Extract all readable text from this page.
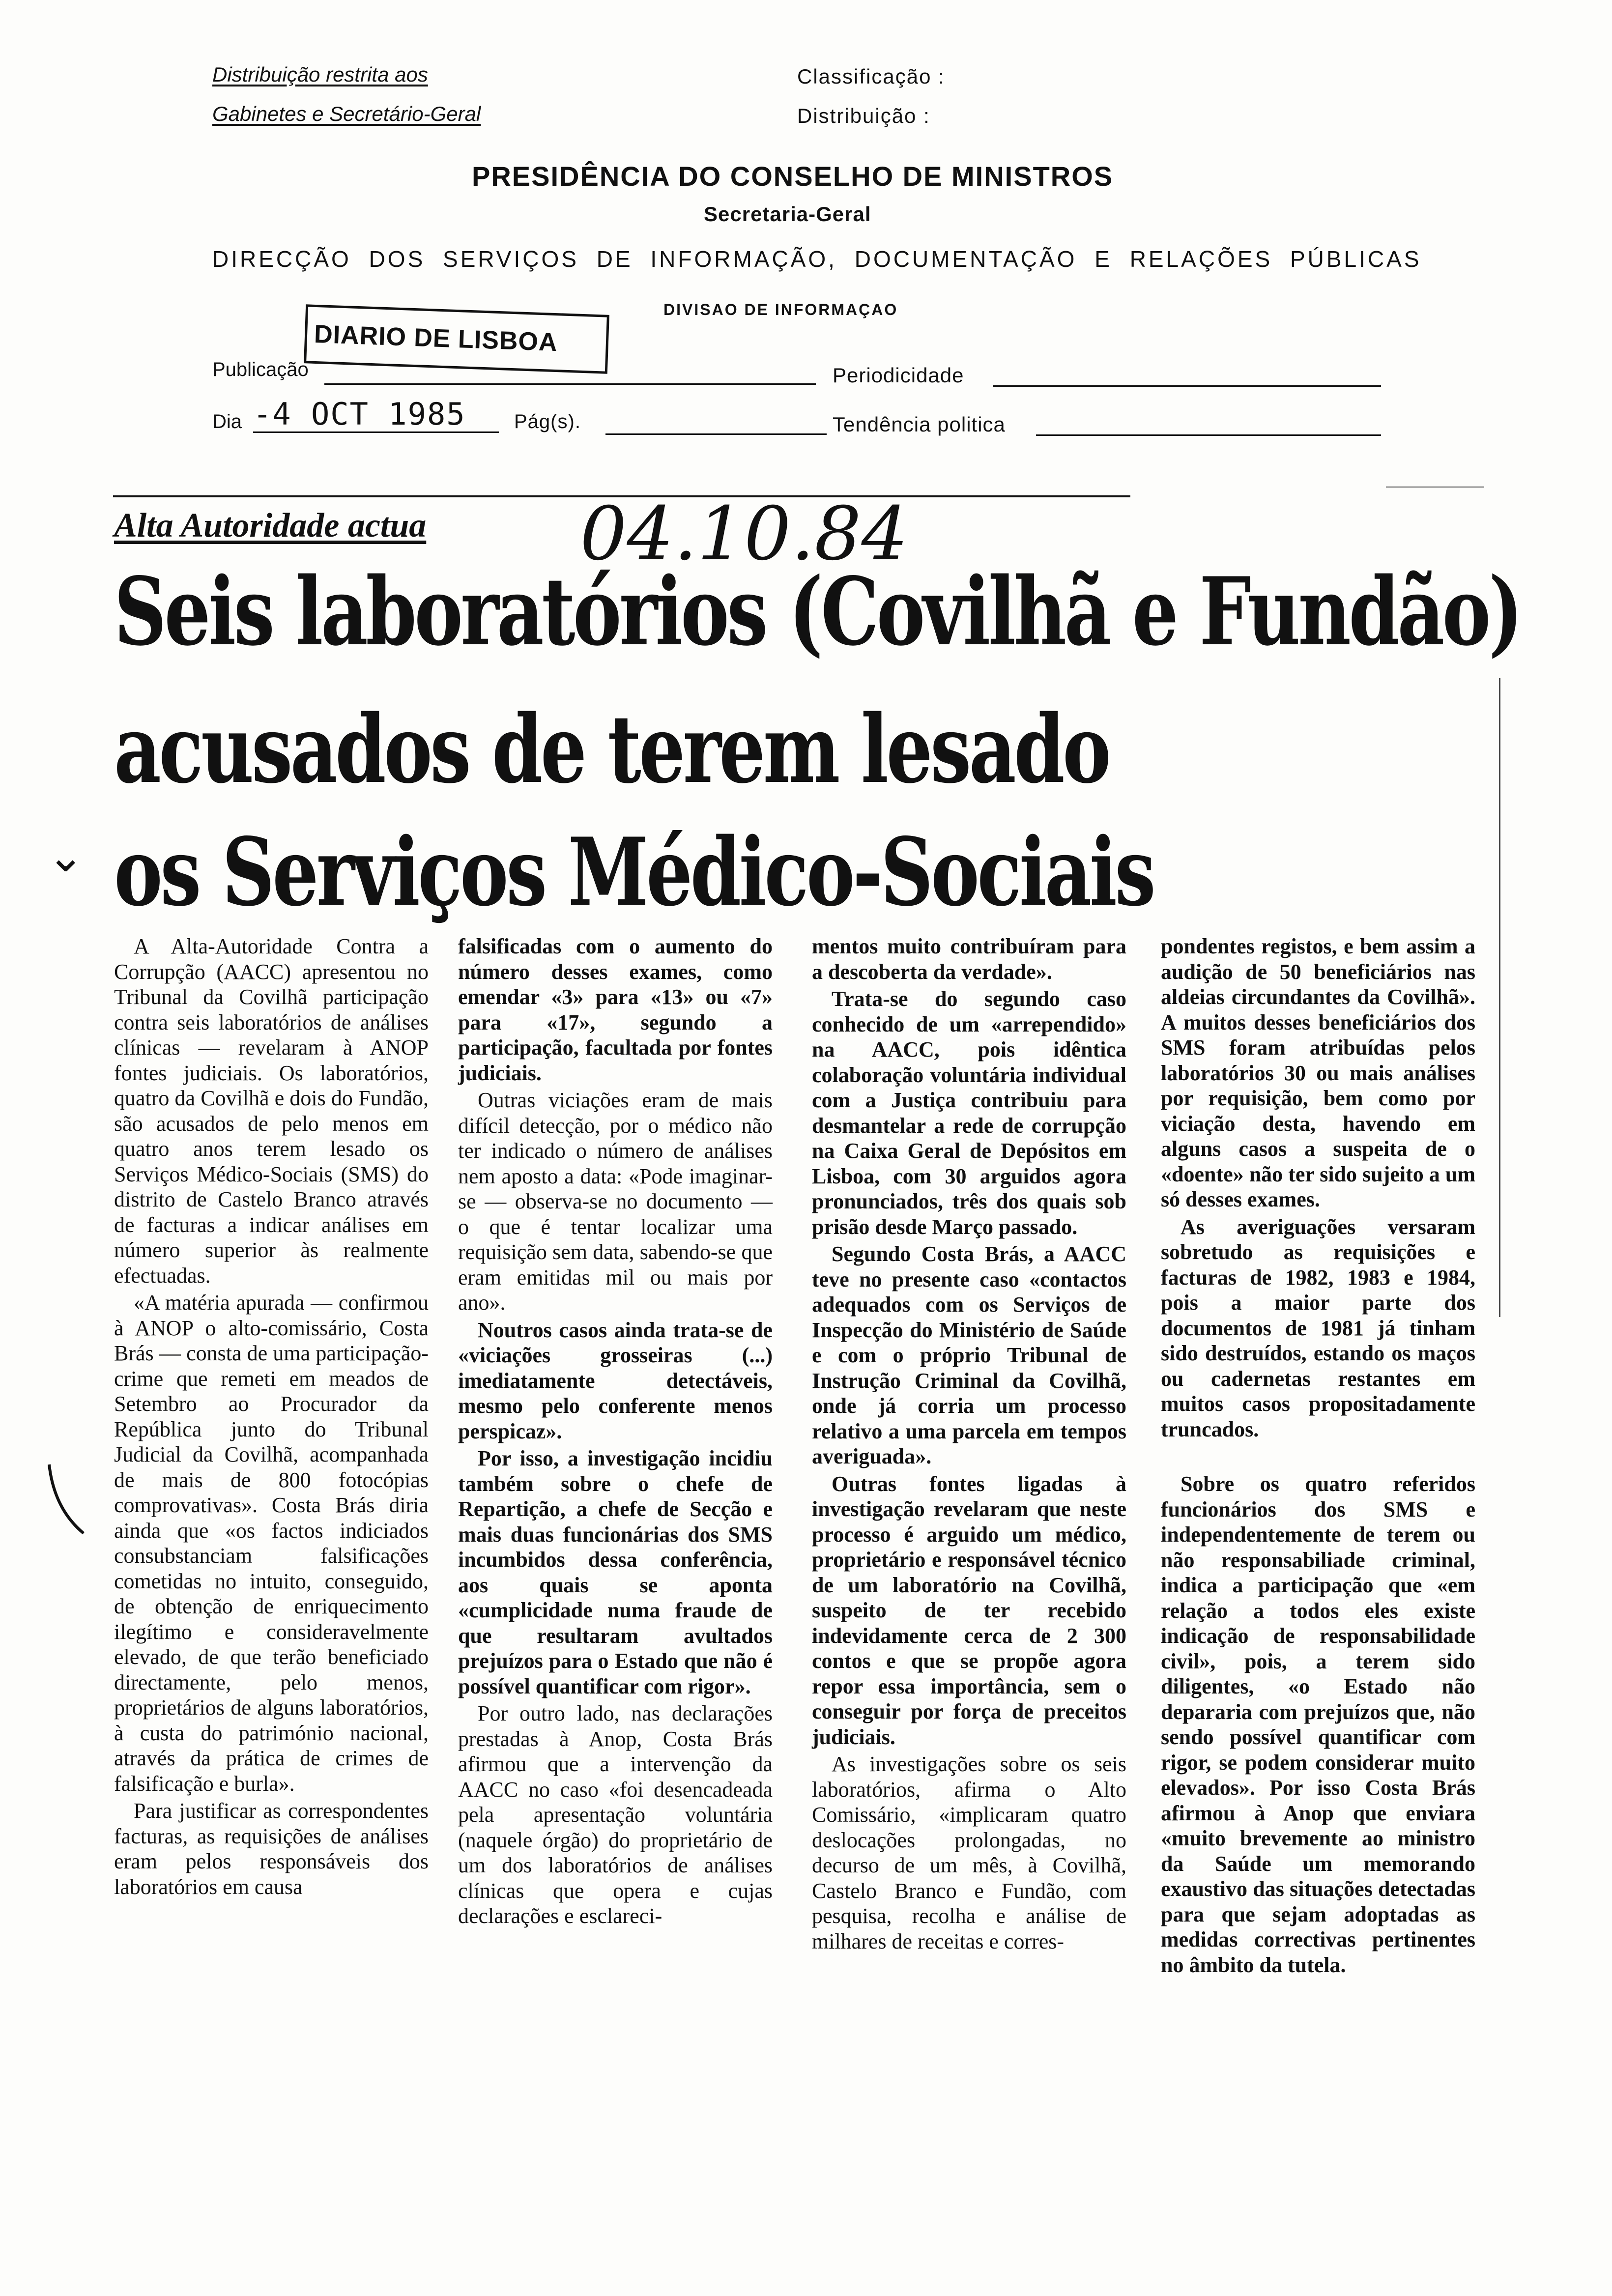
Distribuição restrita aos
Gabinetes e Secretário-Geral
Classificação :
Distribuição :
PRESIDÊNCIA DO CONSELHO DE MINISTROS
Secretaria-Geral
DIRECÇÃO DOS SERVIÇOS DE INFORMAÇÃO, DOCUMENTAÇÃO E RELAÇÕES PÚBLICAS
DIVISAO DE INFORMAÇAO
DIARIO DE LISBOA
Publicação	Periodicidade
Dia -4 OCT 1985 Pág(s).	Tendência politica
Alta Autoridade actua 04.10.84
Seis laboratórios (Covilhã e Fundão)
acusados de terem lesado
os Serviços Médico-Sociais
⌄

A Alta-Autoridade Contra a Corrupção (AACC) apresentou no Tribunal da Covilhã participação contra seis laboratórios de análises clínicas — revelaram à ANOP fontes judiciais. Os laboratórios, quatro da Covilhã e dois do Fundão, são acusados de pelo menos em quatro anos terem lesado os Serviços Médico-Sociais (SMS) do distrito de Castelo Branco através de facturas a indicar análises em número superior às realmente efectuadas.

«A matéria apurada — confirmou à ANOP o alto-comissário, Costa Brás — consta de uma participação-crime que remeti em meados de Setembro ao Procurador da República junto do Tribunal Judicial da Covilhã, acompanhada de mais de 800 fotocópias comprovativas». Costa Brás diria ainda que «os factos indiciados consubstanciam falsificações cometidas no intuito, conseguido, de obtenção de enriquecimento ilegítimo e consideravelmente elevado, de que terão beneficiado directamente, pelo menos, proprietários de alguns laboratórios, à custa do património nacional, através da prática de crimes de falsificação e burla».

Para justificar as correspondentes facturas, as requisições de análises eram pelos responsáveis dos laboratórios em causa

falsificadas com o aumento do número desses exames, como emendar «3» para «13» ou «7» para «17», segundo a participação, facultada por fontes judiciais.

Outras viciações eram de mais difícil detecção, por o médico não ter indicado o número de análises nem aposto a data: «Pode imaginar-se — observa-se no documento — o que é tentar localizar uma requisição sem data, sabendo-se que eram emitidas mil ou mais por ano».

Noutros casos ainda trata-se de «viciações grosseiras (...) imediatamente detectáveis, mesmo pelo conferente menos perspicaz».

Por isso, a investigação incidiu também sobre o chefe de Repartição, a chefe de Secção e mais duas funcionárias dos SMS incumbidos dessa conferência, aos quais se aponta «cumplicidade numa fraude de que resultaram avultados prejuízos para o Estado que não é possível quantificar com rigor».

Por outro lado, nas declarações prestadas à Anop, Costa Brás afirmou que a intervenção da AACC no caso «foi desencadeada pela apresentação voluntária (naquele órgão) do proprietário de um dos laboratórios de análises clínicas que opera e cujas declarações e esclareci-

mentos muito contribuíram para a descoberta da verdade».

Trata-se do segundo caso conhecido de um «arrependido» na AACC, pois idêntica colaboração voluntária individual com a Justiça contribuiu para desmantelar a rede de corrupção na Caixa Geral de Depósitos em Lisboa, com 30 arguidos agora pronunciados, três dos quais sob prisão desde Março passado.

Segundo Costa Brás, a AACC teve no presente caso «contactos adequados com os Serviços de Inspecção do Ministério de Saúde e com o próprio Tribunal de Instrução Criminal da Covilhã, onde já corria um processo relativo a uma parcela em tempos averiguada».

Outras fontes ligadas à investigação revelaram que neste processo é arguido um médico, proprietário e responsável técnico de um laboratório na Covilhã, suspeito de ter recebido indevidamente cerca de 2 300 contos e que se propõe agora repor essa importância, sem o conseguir por força de preceitos judiciais.

As investigações sobre os seis laboratórios, afirma o Alto Comissário, «implicaram quatro deslocações prolongadas, no decurso de um mês, à Covilhã, Castelo Branco e Fundão, com pesquisa, recolha e análise de milhares de receitas e corres-

pondentes registos, e bem assim a audição de 50 beneficiários nas aldeias circundantes da Covilhã». A muitos desses beneficiários dos SMS foram atribuídas pelos laboratórios 30 ou mais análises por requisição, bem como por viciação desta, havendo em alguns casos a suspeita de o «doente» não ter sido sujeito a um só desses exames.

As averiguações versaram sobretudo as requisições e facturas de 1982, 1983 e 1984, pois a maior parte dos documentos de 1981 já tinham sido destruídos, estando os maços ou cadernetas restantes em muitos casos propositadamente truncados.

Sobre os quatro referidos funcionários dos SMS e independentemente de terem ou não responsabiliade criminal, indica a participação que «em relação a todos eles existe indicação de responsabilidade civil», pois, a terem sido diligentes, «o Estado não depararia com prejuízos que, não sendo possível quantificar com rigor, se podem considerar muito elevados». Por isso Costa Brás afirmou à Anop que enviara «muito brevemente ao ministro da Saúde um memorando exaustivo das situações detectadas para que sejam adoptadas as medidas correctivas pertinentes no âmbito da tutela.
